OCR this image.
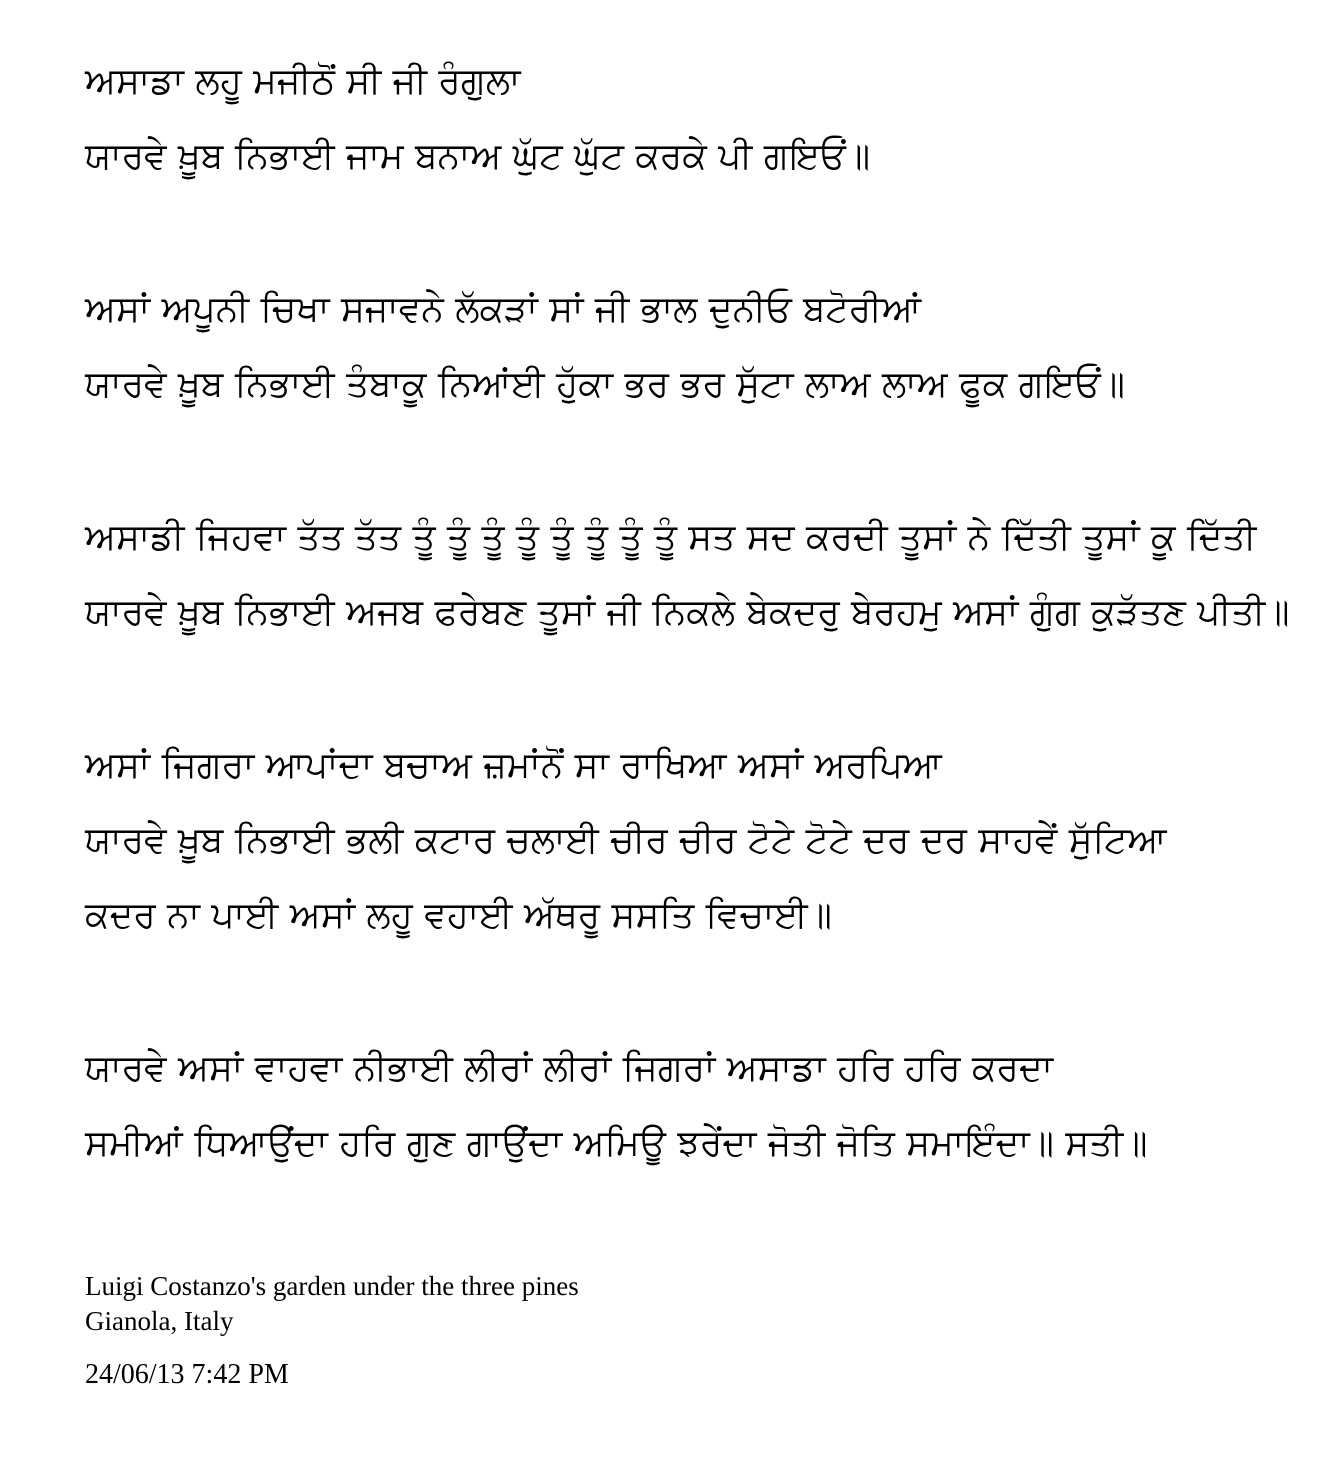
ਅਸਾਡਾ ਲਹੂ ਮਜੀਠੋਂ ਸੀ ਜੀ ਰੰਗੁਲਾ
ਯਾਰਵੇ ਖ਼ੂਬ ਨਿਭਾਈ ਜਾਮ ਬਨਾਅ ਘੁੱਟ ਘੁੱਟ ਕਰਕੇ ਪੀ ਗਇਓਂ॥
ਅਸਾਂ ਅਪੂਨੀ ਚਿਖਾ ਸਜਾਵਨੇ ਲੱਕੜਾਂ ਸਾਂ ਜੀ ਭਾਲ ਦੁਨੀਓ ਬਟੋਰੀਆਂ
ਯਾਰਵੇ ਖ਼ੂਬ ਨਿਭਾਈ ਤੰਬਾਕੂ ਨਿਆਂਈ ਹੁੱਕਾ ਭਰ ਭਰ ਸੁੱਟਾ ਲਾਅ ਲਾਅ ਫੂਕ ਗਇਓਂ॥
ਅਸਾਡੀ ਜਿਹਵਾ ਤੱਤ ਤੱਤ ਤੂੰ ਤੂੰ ਤੂੰ ਤੂੰ ਤੂੰ ਤੂੰ ਤੂੰ ਤੂੰ ਸਤ ਸਦ ਕਰਦੀ ਤੂਸਾਂ ਨੇ ਦਿੱਤੀ ਤੂਸਾਂ ਕੂ ਦਿੱਤੀ
ਯਾਰਵੇ ਖ਼ੂਬ ਨਿਭਾਈ ਅਜਬ ਫਰੇਬਣ ਤੂਸਾਂ ਜੀ ਨਿਕਲੇ ਬੇਕਦਰੁ ਬੇਰਹਮੁ ਅਸਾਂ ਗੁੰਗ ਕੁੜੱਤਣ ਪੀਤੀ॥
ਅਸਾਂ ਜਿਗਰਾ ਆਪਾਂਦਾ ਬਚਾਅ ਜ਼ਮਾਂਨੋਂ ਸਾ ਰਾਖਿਆ ਅਸਾਂ ਅਰਪਿਆ
ਯਾਰਵੇ ਖ਼ੂਬ ਨਿਭਾਈ ਭਲੀ ਕਟਾਰ ਚਲਾਈ ਚੀਰ ਚੀਰ ਟੋਟੇ ਟੋਟੇ ਦਰ ਦਰ ਸਾਹਵੇਂ ਸੁੱਟਿਆ
ਕਦਰ ਨਾ ਪਾਈ ਅਸਾਂ ਲਹੂ ਵਹਾਈ ਅੱਥਰੂ ਸਸਤਿ ਵਿਚਾਈ॥
ਯਾਰਵੇ ਅਸਾਂ ਵਾਹਵਾ ਨੀਭਾਈ ਲੀਰਾਂ ਲੀਰਾਂ ਜਿਗਰਾਂ ਅਸਾਡਾ ਹਰਿ ਹਰਿ ਕਰਦਾ
ਸਮੀਆਂ ਧਿਆਉਂਦਾ ਹਰਿ ਗੁਣ ਗਾਉਂਦਾ ਅਮਿਊ ਝਰੇਂਦਾ ਜੋਤੀ ਜੋਤਿ ਸਮਾਇੰਦਾ॥ ਸਤੀ॥
Luigi Costanzo's garden under the three pines
Gianola, Italy
24/06/13 7:42 PM
